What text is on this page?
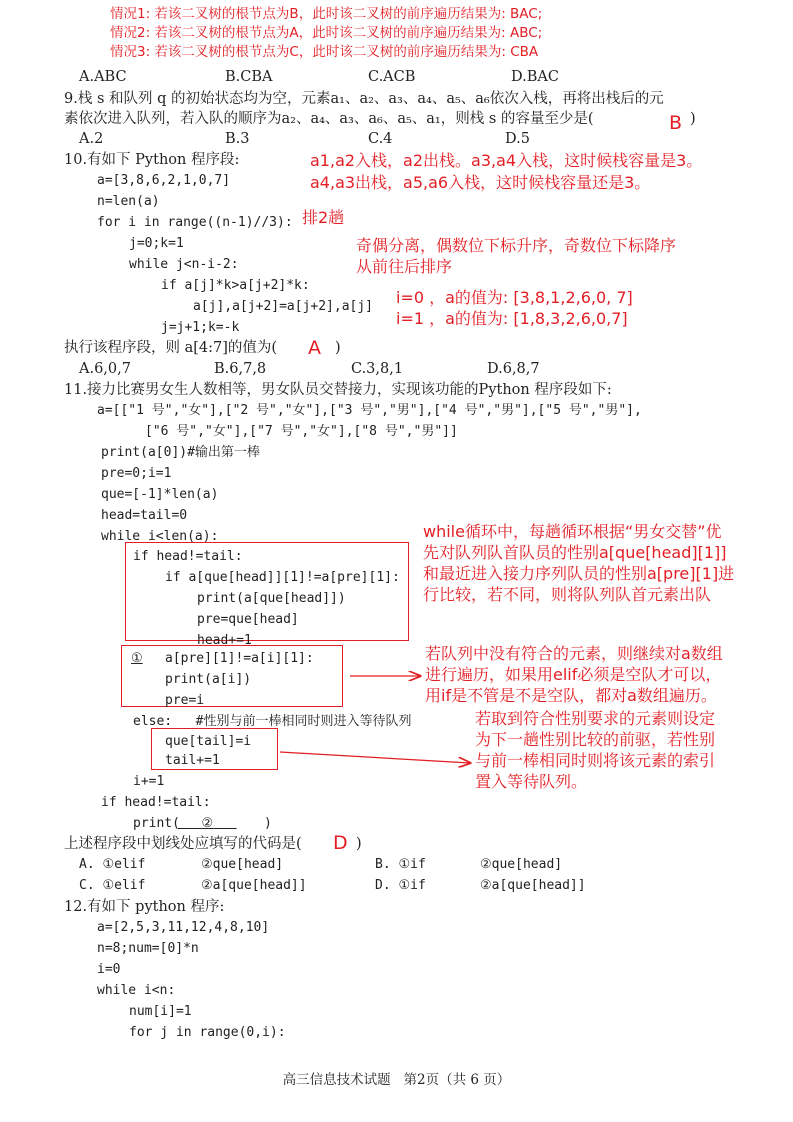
情况1: 若该二叉树的根节点为B，此时该二叉树的前序遍历结果为: BAC;
情况2: 若该二叉树的根节点为A，此时该二叉树的前序遍历结果为: ABC;
情况3: 若该二叉树的根节点为C，此时该二叉树的前序遍历结果为: CBA
A.ABC	B.CBA	C.ACB	D.BAC
9.栈 s 和队列 q 的初始状态均为空，元素a₁、a₂、a₃、a₄、a₅、a₆依次入栈，再将出栈后的元
素依次进入队列，若入队的顺序为a₂、a₄、a₃、a₆、a₅、a₁，则栈 s 的容量至少是(	B )
A.2	B.3	C.4	D.5
10.有如下 Python 程序段:
a=[3,8,6,2,1,0,7]
n=len(a)
for i in range((n-1)//3):
j=0;k=1
while j<n-i-2:
if a[j]*k>a[j+2]*k:
a[j],a[j+2]=a[j+2],a[j]
j=j+1;k=-k
a1,a2入栈，a2出栈。a3,a4入栈，这时候栈容量是3。
a4,a3出栈，a5,a6入栈，这时候栈容量还是3。
排2趟
奇偶分离，偶数位下标升序，奇数位下标降序
从前往后排序
i=0 ，a的值为: [3,8,1,2,6,0, 7]
i=1 ，a的值为: [1,8,3,2,6,0,7]
执行该程序段，则 a[4:7]的值为( A )
A.6,0,7	B.6,7,8	C.3,8,1	D.6,8,7
11.接力比赛男女生人数相等，男女队员交替接力，实现该功能的Python 程序段如下:
a=[["1 号","女"],["2 号","女"],["3 号","男"],["4 号","男"],["5 号","男"],
["6 号","女"],["7 号","女"],["8 号","男"]]
print(a[0])#输出第一棒
pre=0;i=1
que=[-1]*len(a)
head=tail=0
while i<len(a):
if head!=tail:
if a[que[head]][1]!=a[pre][1]:
print(a[que[head]])
pre=que[head]
head+=1
① a[pre][1]!=a[i][1]:
print(a[i])
pre=i
else:   #性别与前一棒相同时则进入等待队列
que[tail]=i
tail+=1
i+=1
if head!=tail:
print(	②	)
while循环中，每趟循环根据“男女交替”优
先对队列队首队员的性别a[que[head][1]]
和最近进入接力序列队员的性别a[pre][1]进
行比较，若不同，则将队列队首元素出队
若队列中没有符合的元素，则继续对a数组
进行遍历，如果用elif必须是空队才可以，
用if是不管是不是空队，都对a数组遍历。
若取到符合性别要求的元素则设定
为下一趟性别比较的前驱，若性别
与前一棒相同时则将该元素的索引
置入等待队列。
上述程序段中划线处应填写的代码是( D )
A. ①elif	②que[head]	B. ①if	②que[head]
C. ①elif	②a[que[head]]	D. ①if	②a[que[head]]
12.有如下 python 程序:
a=[2,5,3,11,12,4,8,10]
n=8;num=[0]*n
i=0
while i<n:
num[i]=1
for j in range(0,i):
高三信息技术试题   第2页（共 6 页）
